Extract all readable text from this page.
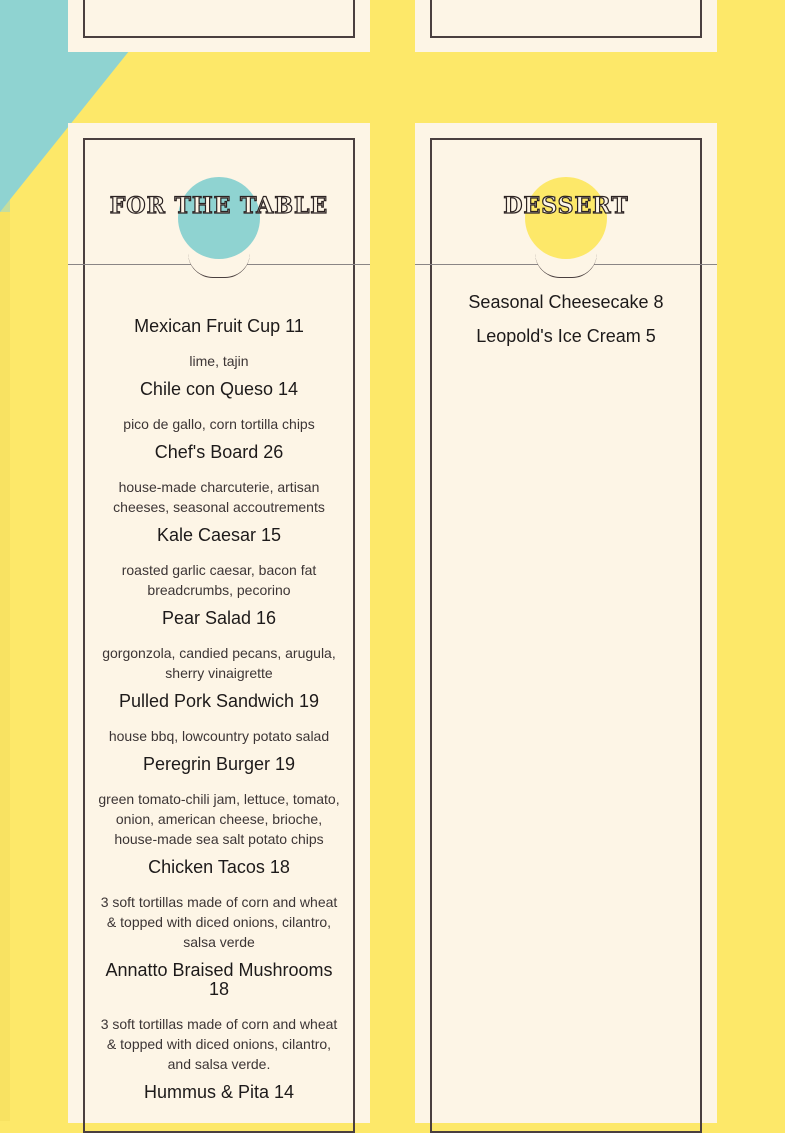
FOR THE TABLE
Mexican Fruit Cup 11
lime, tajin
Chile con Queso 14
pico de gallo, corn tortilla chips
Chef's Board 26
house-made charcuterie, artisan cheeses, seasonal accoutrements
Kale Caesar 15
roasted garlic caesar, bacon fat breadcrumbs, pecorino
Pear Salad 16
gorgonzola, candied pecans, arugula, sherry vinaigrette
Pulled Pork Sandwich 19
house bbq, lowcountry potato salad
Peregrin Burger 19
green tomato-chili jam, lettuce, tomato, onion, american cheese, brioche, house-made sea salt potato chips
Chicken Tacos 18
3 soft tortillas made of corn and wheat & topped with diced onions, cilantro, salsa verde
Annatto Braised Mushrooms 18
3 soft tortillas made of corn and wheat & topped with diced onions, cilantro, and salsa verde.
Hummus & Pita 14
DESSERT
Seasonal Cheesecake 8
Leopold's Ice Cream 5
